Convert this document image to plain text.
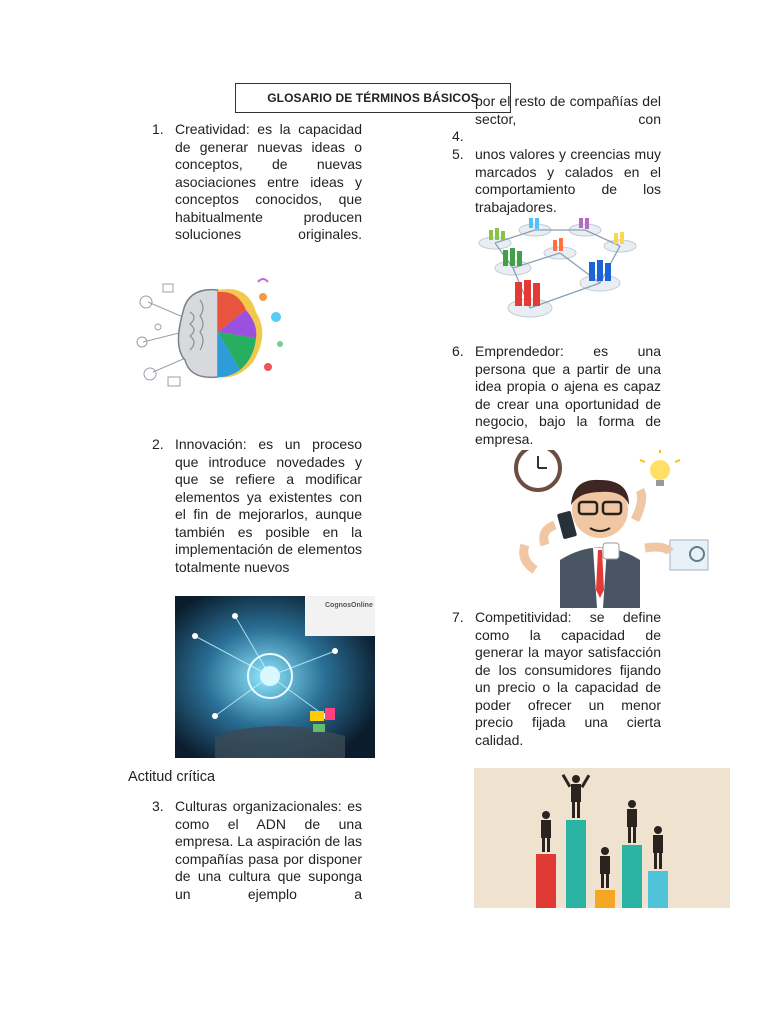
GLOSARIO DE TÉRMINOS BÁSICOS
1. Creatividad: es la capacidad de generar nuevas ideas o conceptos, de nuevas asociaciones entre ideas y conceptos conocidos, que habitualmente producen soluciones originales.
2. Innovación: es un proceso que introduce novedades y que se refiere a modificar elementos ya existentes con el fin de mejorarlos, aunque también es posible en la implementación de elementos totalmente nuevos
CognosOnline
Actitud crítica
3. Culturas organizacionales: es como el ADN de una empresa. La aspiración de las compañías pasa por disponer de una cultura que suponga un ejemplo a
por el resto de compañías del sector, con
4.
5. unos valores y creencias muy marcados y calados en el comportamiento de los trabajadores.
6. Emprendedor: es una persona que a partir de una idea propia o ajena es capaz de crear una oportunidad de negocio, bajo la forma de empresa.
7. Competitividad: se define como la capacidad de generar la mayor satisfacción de los consumidores fijando un precio o la capacidad de poder ofrecer un menor precio fijada una cierta calidad.
